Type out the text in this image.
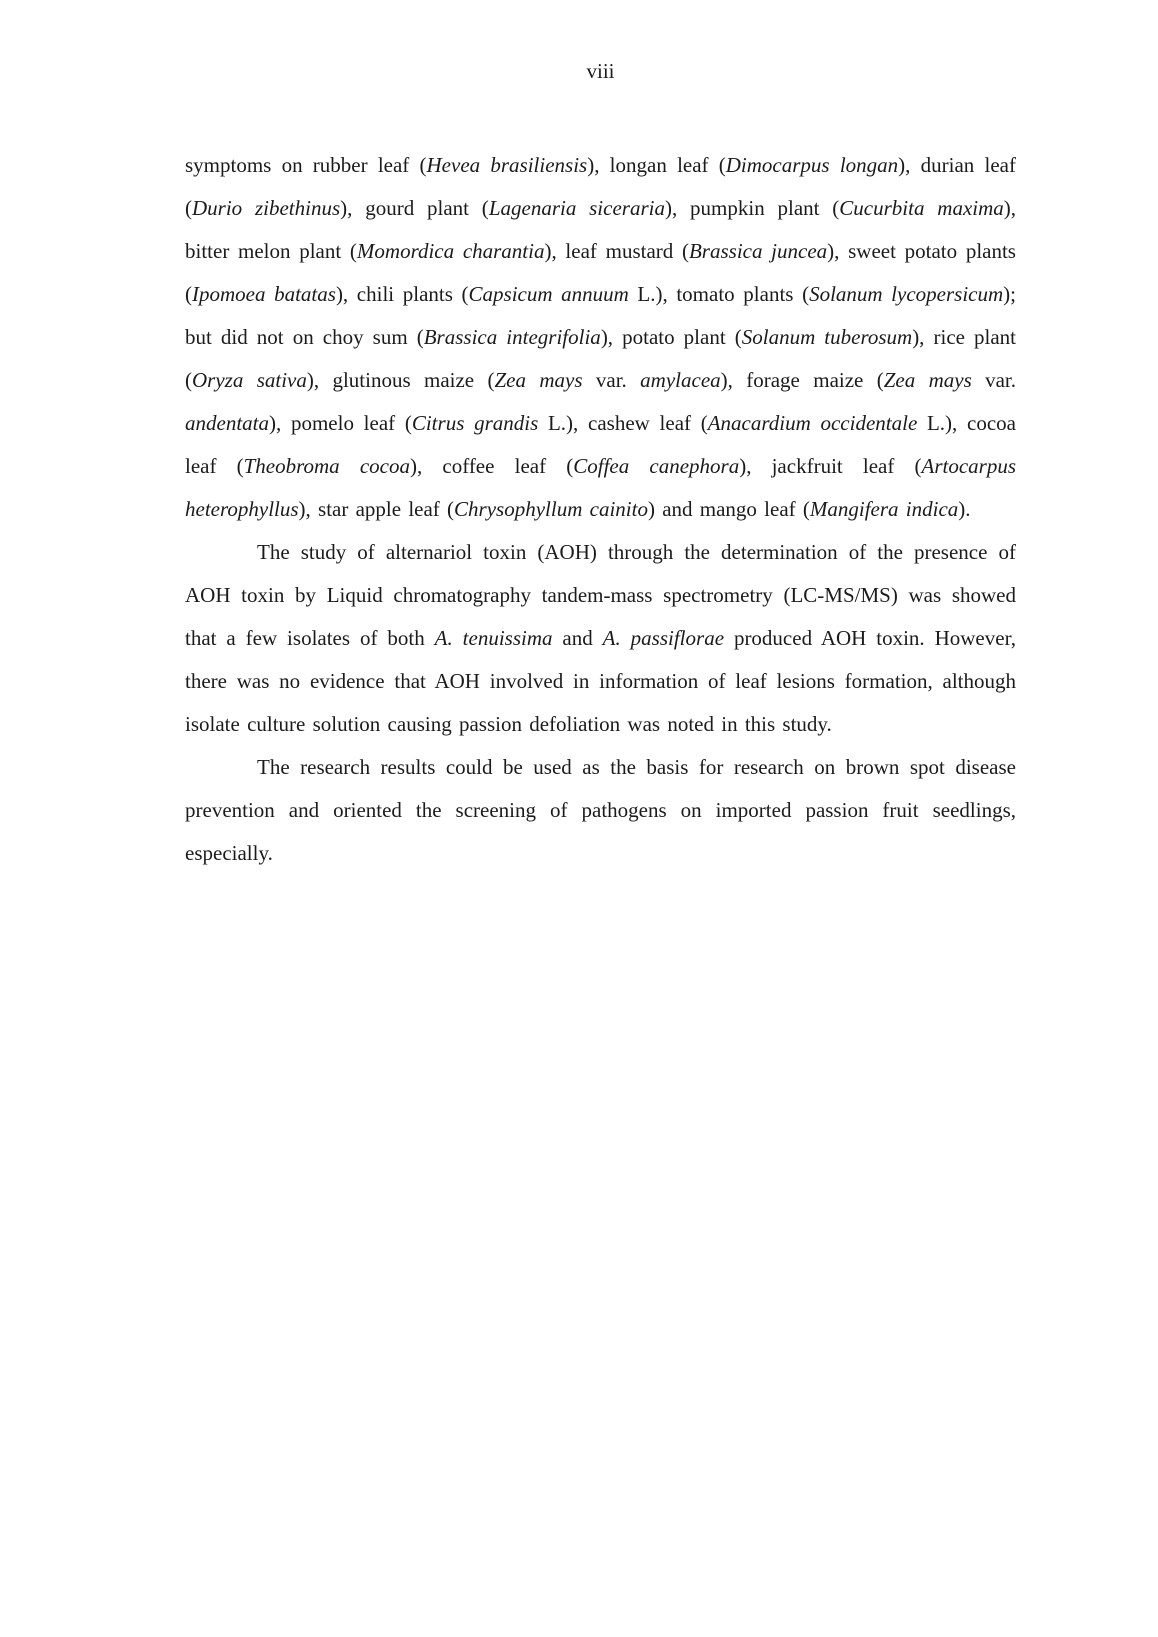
viii

symptoms on rubber leaf (Hevea brasiliensis), longan leaf (Dimocarpus longan), durian leaf (Durio zibethinus), gourd plant (Lagenaria siceraria), pumpkin plant (Cucurbita maxima), bitter melon plant (Momordica charantia), leaf mustard (Brassica juncea), sweet potato plants (Ipomoea batatas), chili plants (Capsicum annuum L.), tomato plants (Solanum lycopersicum); but did not on choy sum (Brassica integrifolia), potato plant (Solanum tuberosum), rice plant (Oryza sativa), glutinous maize (Zea mays var. amylacea), forage maize (Zea mays var. andentata), pomelo leaf (Citrus grandis L.), cashew leaf (Anacardium occidentale L.), cocoa leaf (Theobroma cocoa), coffee leaf (Coffea canephora), jackfruit leaf (Artocarpus heterophyllus), star apple leaf (Chrysophyllum cainito) and mango leaf (Mangifera indica).

The study of alternariol toxin (AOH) through the determination of the presence of AOH toxin by Liquid chromatography tandem-mass spectrometry (LC-MS/MS) was showed that a few isolates of both A. tenuissima and A. passiflorae produced AOH toxin. However, there was no evidence that AOH involved in information of leaf lesions formation, although isolate culture solution causing passion defoliation was noted in this study.

The research results could be used as the basis for research on brown spot disease prevention and oriented the screening of pathogens on imported passion fruit seedlings, especially.
